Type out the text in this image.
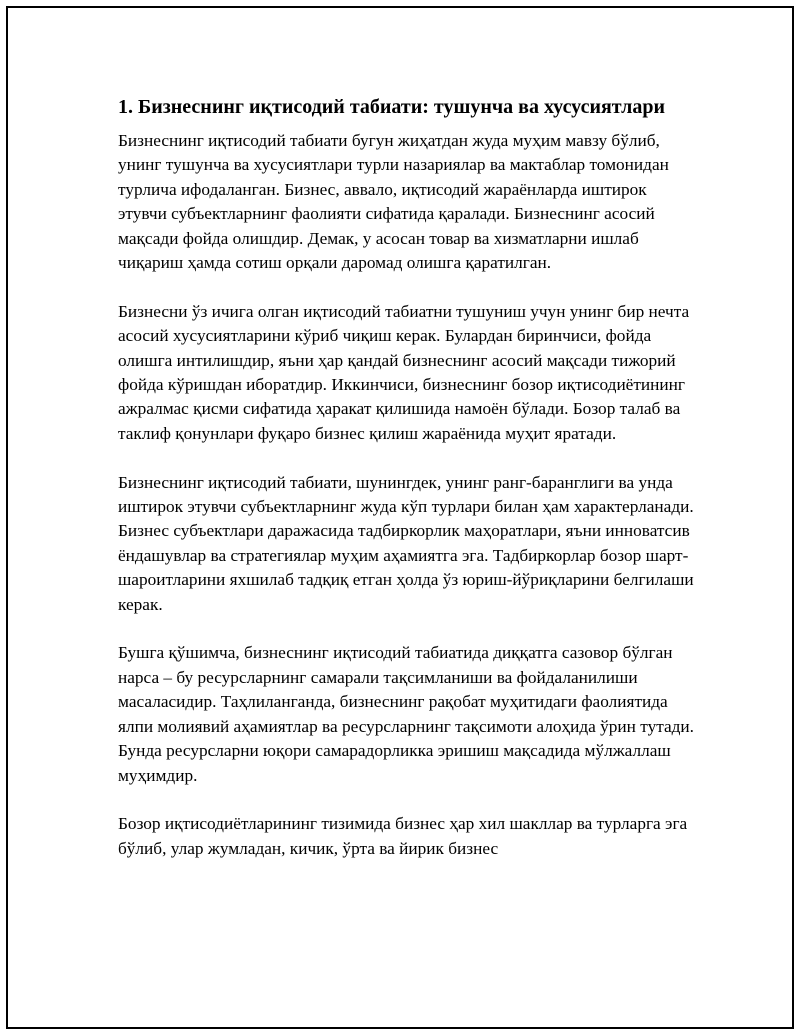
1. Бизнеснинг иқтисодий табиати: тушунча ва хусусиятлари

Бизнеснинг иқтисодий табиати бугун жиҳатдан жуда муҳим мавзу бўлиб, унинг тушунча ва хусусиятлари турли назариялар ва мактаблар томонидан турлича ифодаланган. Бизнес, аввало, иқтисодий жараёнларда иштирок этувчи субъектларнинг фаолияти сифатида қаралади. Бизнеснинг асосий мақсади фойда олишдир. Демак, у асосан товар ва хизматларни ишлаб чиқариш ҳамда сотиш орқали даромад олишга қаратилган.

Бизнесни ўз ичига олган иқтисодий табиатни тушуниш учун унинг бир нечта асосий хусусиятларини кўриб чиқиш керак. Булардан биринчиси, фойда олишга интилишдир, яъни ҳар қандай бизнеснинг асосий мақсади тижорий фойда кўришдан иборатдир. Иккинчиси, бизнеснинг бозор иқтисодиётининг ажралмас қисми сифатида ҳаракат қилишида намоён бўлади. Бозор талаб ва таклиф қонунлари фуқаро бизнес қилиш жараёнида муҳит яратади.

Бизнеснинг иқтисодий табиати, шунингдек, унинг ранг-баранглиги ва унда иштирок этувчи субъектларнинг жуда кўп турлари билан ҳам характерланади. Бизнес субъектлари даражасида тадбиркорлик маҳоратлари, яъни инноватсив ёндашувлар ва стратегиялар муҳим аҳамиятга эга. Тадбиркорлар бозор шарт-шароитларини яхшилаб тадқиқ етган ҳолда ўз юриш-йўриқларини белгилаши керак.

Бушга қўшимча, бизнеснинг иқтисодий табиатида диққатга сазовор бўлган нарса – бу ресурсларнинг самарали тақсимланиши ва фойдаланилиши масаласидир. Таҳлиланганда, бизнеснинг рақобат муҳитидаги фаолиятида ялпи молиявий аҳамиятлар ва ресурсларнинг тақсимоти алоҳида ўрин тутади. Бунда ресурсларни юқори самарадорликка эришиш мақсадида мўлжаллаш муҳимдир.

Бозор иқтисодиётларининг тизимида бизнес ҳар хил шакллар ва турларга эга бўлиб, улар жумладан, кичик, ўрта ва йирик бизнес
